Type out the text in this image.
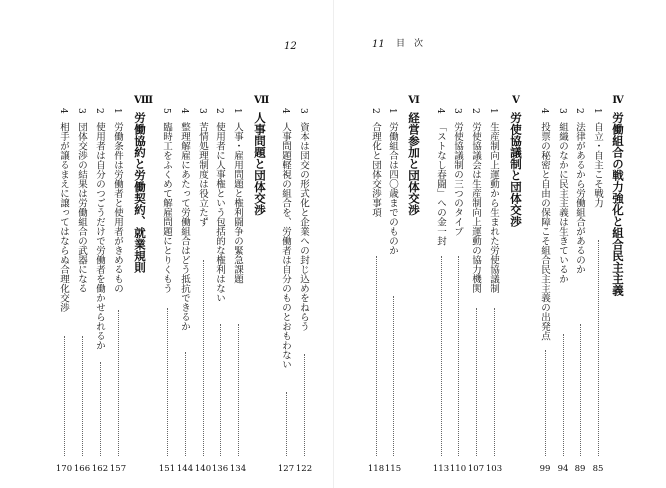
12	11 目　次
Ⅳ
労働組合の戦力強化と組合民主主義
1
自立・自主こそ戦力
85
2
法律があるから労働組合があるのか
89
3
組織のなかに民主主義は生きているか
94
4
投票の秘密と自由の保障こそ組合民主主義の出発点
99
Ⅴ
労使協議制と団体交渉
1
生産制向上運動から生まれた労使協議制
103
2
労使協議会は生産制向上運動の協力機関
107
3
労使協議制の三つのタイプ
110
4
「ストなし春闘」への金一封
113
Ⅵ
経営参加と団体交渉
1
労働組合は四〇歳までのものか
115
2
合理化と団体交渉事項
118
3
資本は団交の形式化と企業への封じ込めをねらう
122
4
人事問題軽視の組合を、労働者は自分のものとおもわない
127
Ⅶ
人事問題と団体交渉
1
人事・雇用問題と権利闘争の緊急課題
134
2
使用者に人事権という包括的な権利はない
136
3
苦情処理制度は役立たず
140
4
整理解雇にあたって労働組合はどう抵抗できるか
144
5
臨時工をふくめて解雇問題にとりくもう
151
Ⅷ
労働協約と労働契約、就業規則
1
労働条件は労働者と使用者がきめるもの
157
2
使用者は自分のつごうだけで労働者を働かせられるか
162
3
団体交渉の結果は労働組合の武器になる
166
4
相手が譲るまえに譲ってはならぬ合理化交渉
170
